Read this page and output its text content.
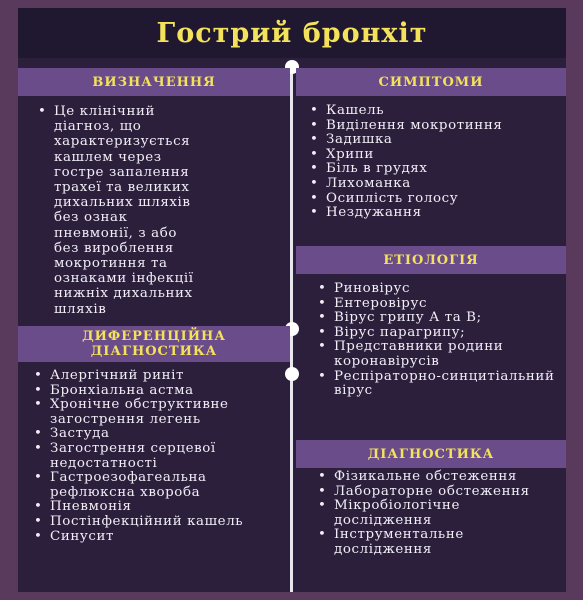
Гострий бронхіт
ВИЗНАЧЕННЯ
• Це клінічний
діагноз, що
характеризується
кашлем через
гостре запалення
трахеї та великих
дихальних шляхів
без ознак
пневмонії, з або
без вироблення
мокротиння та
ознаками інфекції
нижніх дихальних
шляхів
ДИФЕРЕНЦІЙНА
ДІАГНОСТИКА
• Алергічний риніт
• Бронхіальна астма
• Хронічне обструктивне загострення легень
• Застуда
• Загострення серцевої недостатності
• Гастроезофагеальна рефлюксна хвороба
• Пневмонія
• Постінфекційний кашель
• Синусит
СИМПТОМИ
• Кашель
• Виділення мокротиння
• Задишка
• Хрипи
• Біль в грудях
• Лихоманка
• Осиплість голосу
• Нездужання
ЕТІОЛОГІЯ
• Риновірус
• Ентеровірус
• Вірус грипу А та В;
• Вірус парагрипу;
• Представники родини коронавірусів
• Респіраторно-синцитіальний вірус
ДІАГНОСТИКА
• Фізикальне обстеження
• Лабораторне обстеження
• Мікробіологічне дослідження
• Інструментальне дослідження
